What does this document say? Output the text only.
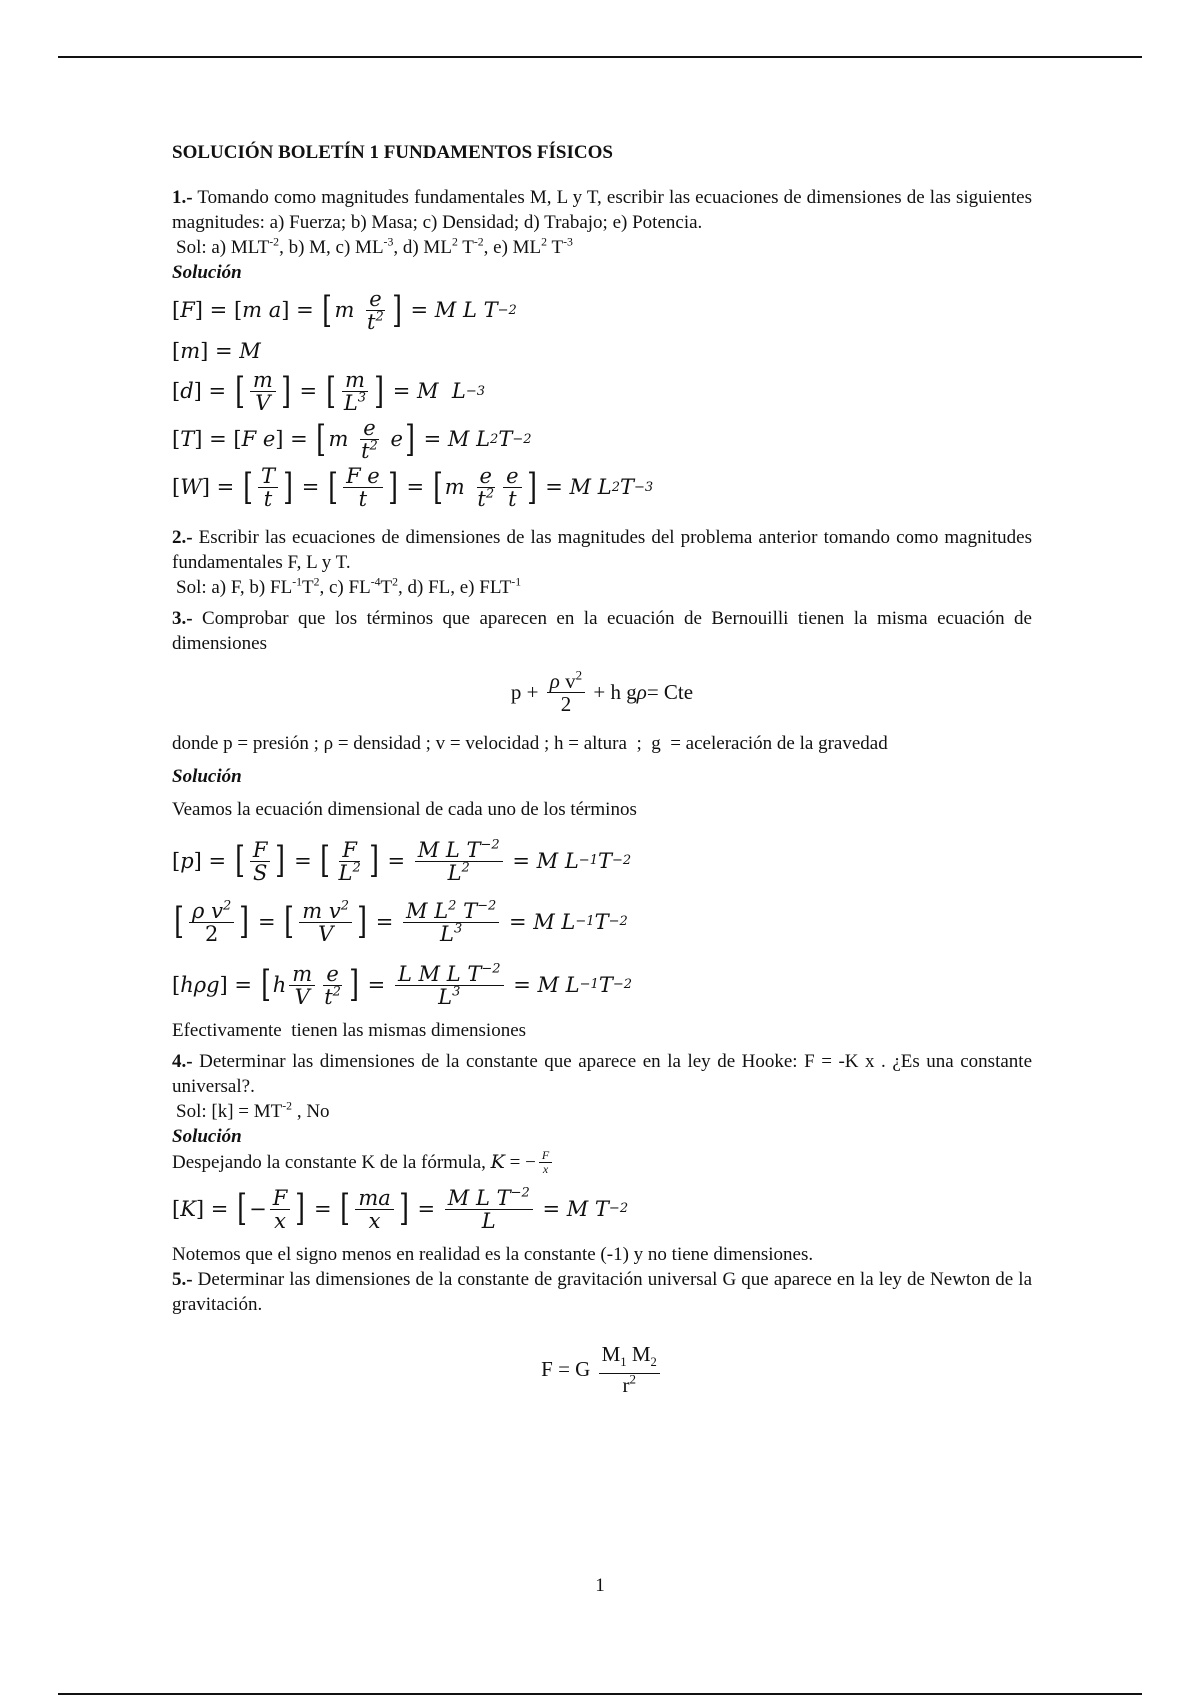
SOLUCIÓN BOLETÍN 1 FUNDAMENTOS FÍSICOS

1.- Tomando como magnitudes fundamentales M, L y T, escribir las ecuaciones de dimensiones de las siguientes magnitudes: a) Fuerza; b) Masa; c) Densidad; d) Trabajo; e) Potencia.

Sol: a) $MLT^{-2}$, b) M, c) $ML^{-3}$, d) $ML^2$ $T^{-2}$, e) $ML^2$ $T^{-3}$

Solución

[ F ] = [ m a ] = [ m $\frac{e}{t^2}$ ] = M L T −2
[ m ] = M
[ d ] = [ $\frac{m}{V}$ ] = [ $\frac{m}{L^3}$ ] = M  L −3
[ T ] = [ F e ] = [ m $\frac{e}{t^2}$ e ] = M L 2 T −2
[ W ] = [ $\frac{T}{t}$ ] = [ $\frac{\text{F e}}{t}$ ] = [ m $\frac{e}{t^2} \frac{e}{t}$ ] = M L 2 T −3

2.- Escribir las ecuaciones de dimensiones de las magnitudes del problema anterior tomando como magnitudes fundamentales F, L y T.

Sol: a) F, b) $FL^{-1}T^2$, c) $FL^{-4}T^2$, d) FL, e) $FLT^{-1}$

3.- Comprobar que los términos que aparecen en la ecuación de Bernouilli tienen la misma ecuación de dimensiones

$p + \frac{\rho v^2}{2} + h$ g ρ = Cte

donde p = presión ; ρ = densidad ; v = velocidad ; h = altura  ;  g  = aceleración de la gravedad

Solución

Veamos la ecuación dimensional de cada uno de los términos

[ p ] = [ $\frac{F}{S}$ ] = [ $\frac{F}{L^2}$ ] = $\frac{M L T^{-2}}{L^2} = M$ L −1 T −2
[ $\frac{\rho v^2}{2}$ ] = [ $\frac{m v^2}{V}$ ] = $\frac{M L^2 T^{-2}}{L^3} = M$ L −1 T −2
[ h ρ g ] = [ h $\frac{m}{V} \frac{e}{t^2}$ ] = $\frac{L M L T^{-2}}{L^3} = M$ L −1 T −2

Efectivamente  tienen las mismas dimensiones

4.- Determinar las dimensiones de la constante que aparece en la ley de Hooke: F = -K x . ¿Es una constante universal?.

Sol: $[k] = MT^{-2}$ , No

Solución

Despejando la constante K de la fórmula,
K = − $\frac{F}{x}$

[ K ] = [ − $\frac{F}{x}$ ] = [ $\frac{ma}{x}$ ] = $\frac{M L T^{-2}}{L} = M$ T −2

Notemos que el signo menos en realidad es la constante (-1) y no tiene dimensiones.

5.- Determinar las dimensiones de la constante de gravitación universal G que aparece en la ley de Newton de la gravitación.

F = G $\frac{M_1 M_2}{r^2}$
1
